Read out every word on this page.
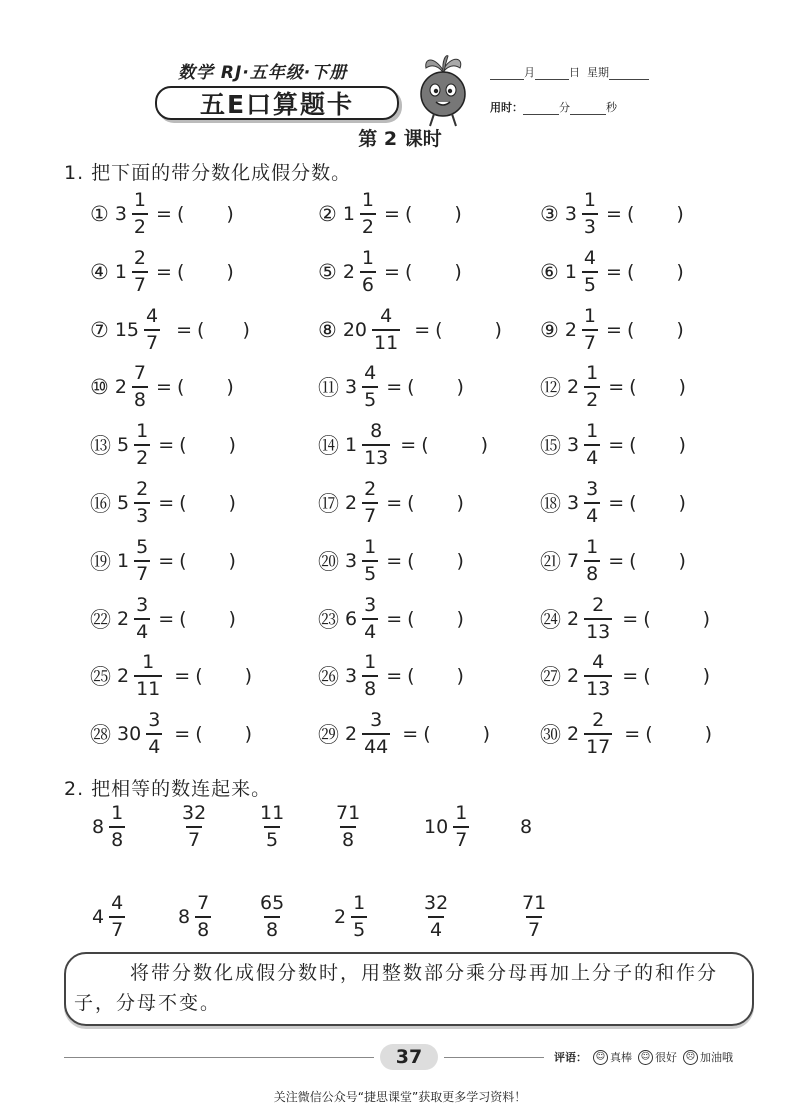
数学 RJ·五年级·下册
五E口算题卡
月	日 星期
用时：	分	秒
第 2 课时
1. 把下面的带分数化成假分数。
① $3 \frac{1}{2}$ = ( )	② $1 \frac{1}{2}$ = ( )	③ $3 \frac{1}{3}$ = ( )
④ $1 \frac{2}{7}$ = ( )	⑤ $2 \frac{1}{6}$ = ( )	⑥ $1 \frac{4}{5}$ = ( )
⑦ $15 \frac{4}{7}$ = ( )	⑧ $20 \frac{4}{11}$ = (	) ⑨ $2 \frac{1}{7}$ = ( )
⑩ $2 \frac{7}{8}$ = ( )	⑪ $3 \frac{4}{5}$ = ( )	⑫ $2 \frac{1}{2}$ = ( )
⑬ $5 \frac{1}{2}$ = ( )	⑭ $1 \frac{8}{13}$ = (	) ⑮ $3 \frac{1}{4}$ = ( )
⑯ $5 \frac{2}{3}$ = ( )	⑰ $2 \frac{2}{7}$ = ( )	⑱ $3 \frac{3}{4}$ = ( )
⑲ $1 \frac{5}{7}$ = ( )	⑳ $3 \frac{1}{5}$ = ( )	㉑ $7 \frac{1}{8}$ = ( )
㉒ $2 \frac{3}{4}$ = ( )	㉓ $6 \frac{3}{4}$ = ( )	㉔ $2 \frac{2}{13}$ = (	)
㉕ $2 \frac{1}{11}$ = ( )	㉖ $3 \frac{1}{8}$ = ( )	㉗ $2 \frac{4}{13}$ = (	)
㉘ $30 \frac{3}{4}$ = ( )	㉙ $2 \frac{3}{44}$ = (	) ㉚ $2 \frac{2}{17}$ = (	)
2. 把相等的数连起来。
$8 \frac{1}{8}$	$\frac{32}{7}$	$\frac{11}{5}$	$\frac{71}{8}$	$10 \frac{1}{7}$	8
$4 \frac{4}{7}$	$8 \frac{7}{8} \frac{65}{8}$	$2 \frac{1}{5}$	$\frac{32}{4}$	$\frac{71}{7}$
将带分数化成假分数时，用整数部分乘分母再加上分子的和作分子，分母不变。
37	评语： ☺ 真棒 ☺ 很好 ☹ 加油哦
关注微信公众号“捷思课堂”获取更多学习资料！
